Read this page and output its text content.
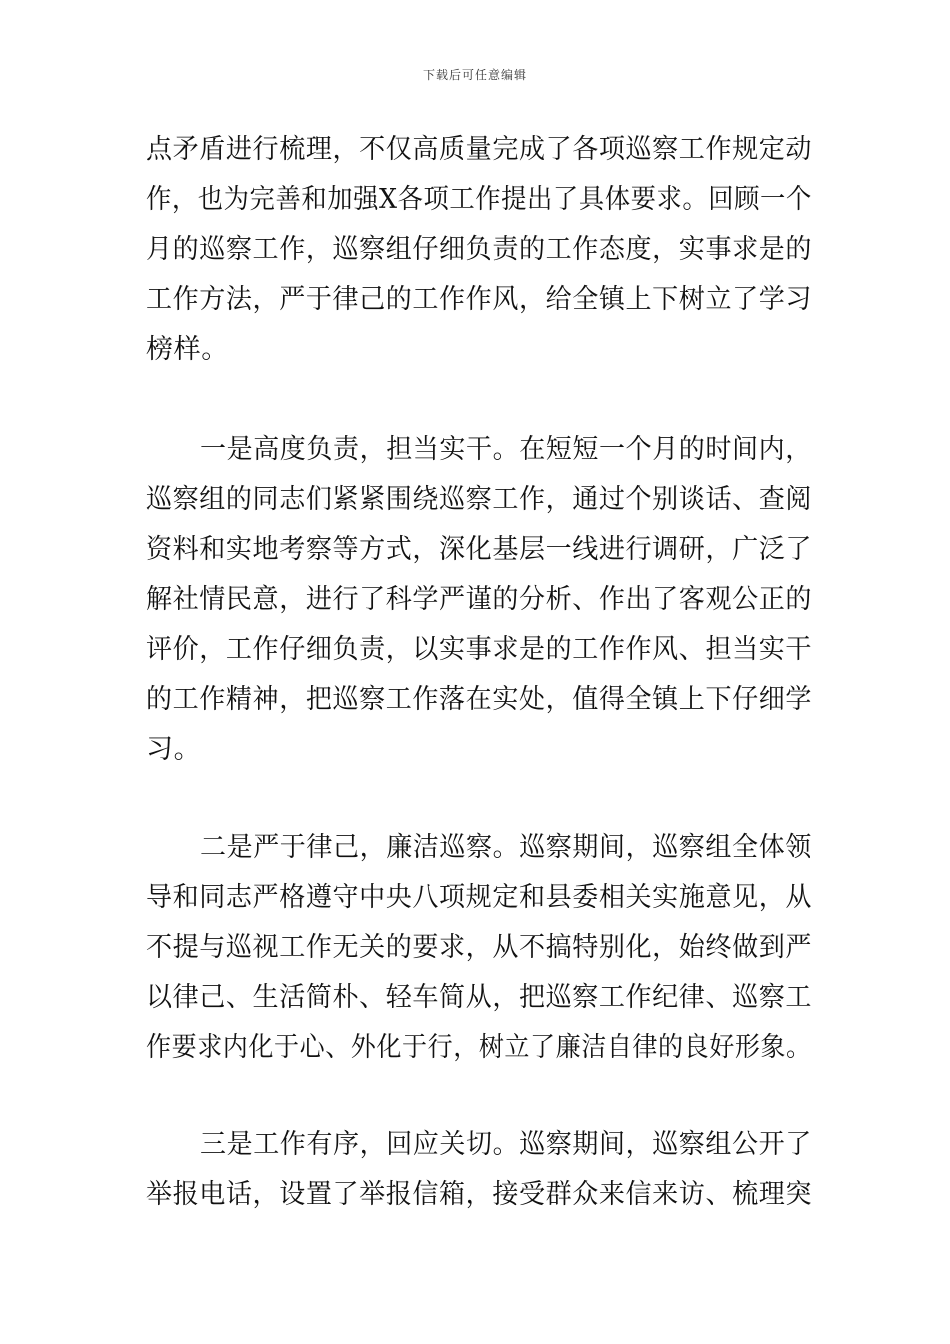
下载后可任意编辑
点矛盾进行梳理，不仅高质量完成了各项巡察工作规定动
作，也为完善和加强X各项工作提出了具体要求。回顾一个
月的巡察工作，巡察组仔细负责的工作态度，实事求是的
工作方法，严于律己的工作作风，给全镇上下树立了学习
榜样。
一是高度负责，担当实干。在短短一个月的时间内，
巡察组的同志们紧紧围绕巡察工作，通过个别谈话、查阅
资料和实地考察等方式，深化基层一线进行调研，广泛了
解社情民意，进行了科学严谨的分析、作出了客观公正的
评价，工作仔细负责，以实事求是的工作作风、担当实干
的工作精神，把巡察工作落在实处，值得全镇上下仔细学
习。
二是严于律己，廉洁巡察。巡察期间，巡察组全体领
导和同志严格遵守中央八项规定和县委相关实施意见，从
不提与巡视工作无关的要求，从不搞特别化，始终做到严
以律己、生活简朴、轻车简从，把巡察工作纪律、巡察工
作要求内化于心、外化于行，树立了廉洁自律的良好形象。
三是工作有序，回应关切。巡察期间，巡察组公开了
举报电话，设置了举报信箱，接受群众来信来访、梳理突
